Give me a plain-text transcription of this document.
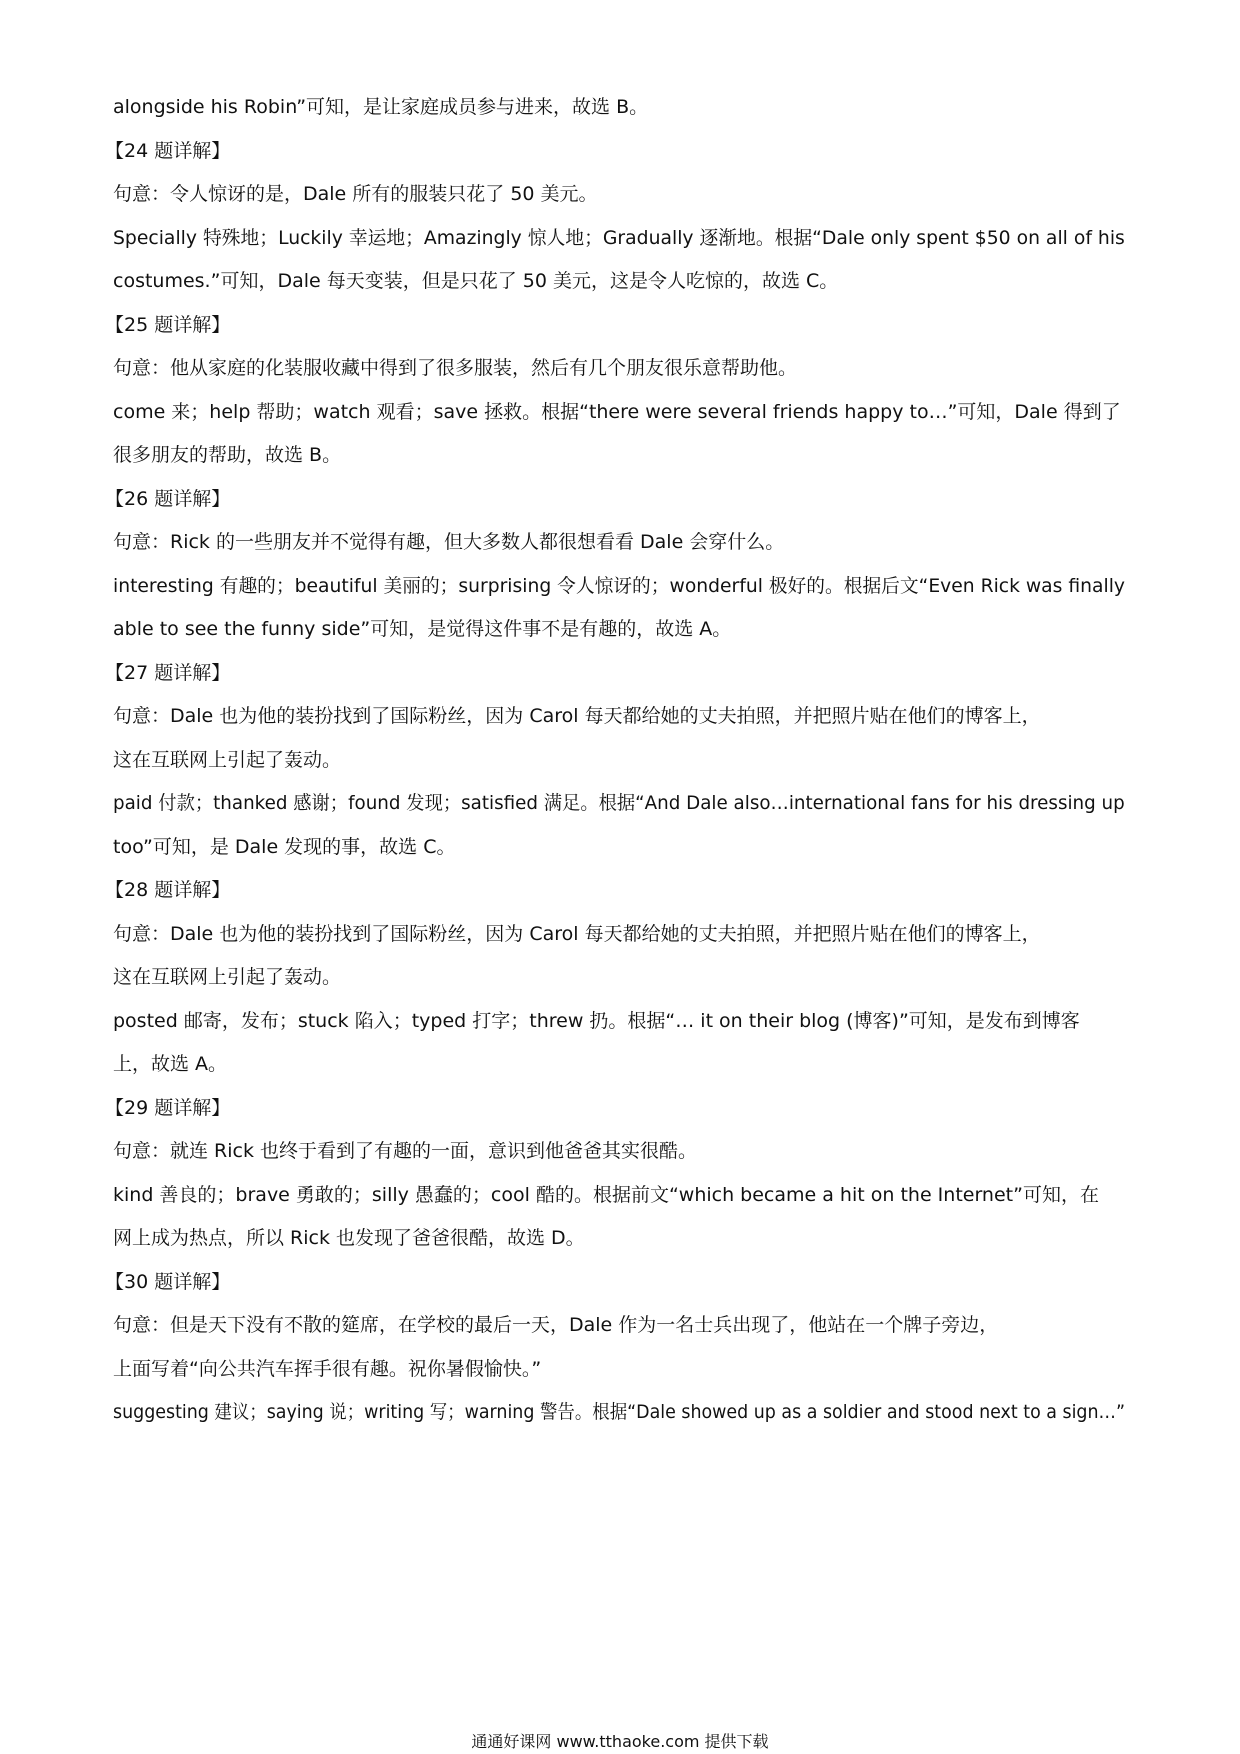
alongside his Robin”可知，是让家庭成员参与进来，故选 B。
【24 题详解】
句意：令人惊讶的是，Dale 所有的服装只花了 50 美元。
Specially 特殊地；Luckily 幸运地；Amazingly 惊人地；Gradually 逐渐地。根据“Dale only spent $50 on all of his
costumes.”可知，Dale 每天变装，但是只花了 50 美元，这是令人吃惊的，故选 C。
【25 题详解】
句意：他从家庭的化装服收藏中得到了很多服装，然后有几个朋友很乐意帮助他。
come 来；help 帮助；watch 观看；save 拯救。根据“there were several friends happy to…”可知，Dale 得到了
很多朋友的帮助，故选 B。
【26 题详解】
句意：Rick 的一些朋友并不觉得有趣，但大多数人都很想看看 Dale 会穿什么。
interesting 有趣的；beautiful 美丽的；surprising 令人惊讶的；wonderful 极好的。根据后文“Even Rick was finally
able to see the funny side”可知，是觉得这件事不是有趣的，故选 A。
【27 题详解】
句意：Dale 也为他的装扮找到了国际粉丝，因为 Carol 每天都给她的丈夫拍照，并把照片贴在他们的博客上，
这在互联网上引起了轰动。
paid 付款；thanked 感谢；found 发现；satisfied 满足。根据“And Dale also…international fans for his dressing up
too”可知，是 Dale 发现的事，故选 C。
【28 题详解】
句意：Dale 也为他的装扮找到了国际粉丝，因为 Carol 每天都给她的丈夫拍照，并把照片贴在他们的博客上，
这在互联网上引起了轰动。
posted 邮寄，发布；stuck 陷入；typed 打字；threw 扔。根据“… it on their blog (博客)”可知，是发布到博客
上，故选 A。
【29 题详解】
句意：就连 Rick 也终于看到了有趣的一面，意识到他爸爸其实很酷。
kind 善良的；brave 勇敢的；silly 愚蠢的；cool 酷的。根据前文“which became a hit on the Internet”可知，在
网上成为热点，所以 Rick 也发现了爸爸很酷，故选 D。
【30 题详解】
句意：但是天下没有不散的筵席，在学校的最后一天，Dale 作为一名士兵出现了，他站在一个牌子旁边，
上面写着“向公共汽车挥手很有趣。祝你暑假愉快。”
suggesting 建议；saying 说；writing 写；warning 警告。根据“Dale showed up as a soldier and stood next to a sign…”
通通好课网 www.tthaoke.com 提供下载
